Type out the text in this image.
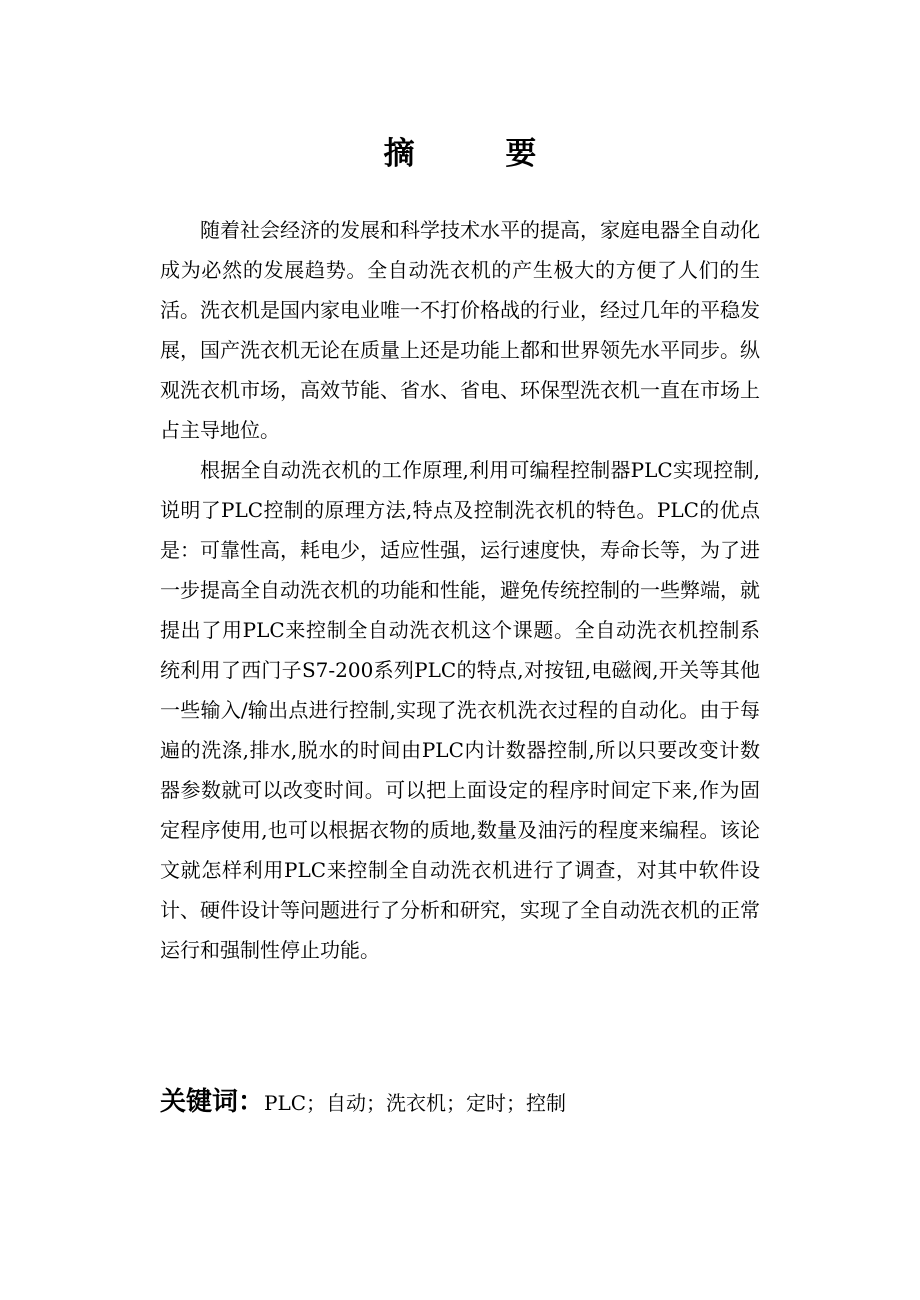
摘 要

随着社会经济的发展和科学技术水平的提高，家庭电器全自动化成为必然的发展趋势。全自动洗衣机的产生极大的方便了人们的生活。洗衣机是国内家电业唯一不打价格战的行业，经过几年的平稳发展，国产洗衣机无论在质量上还是功能上都和世界领先水平同步。纵观洗衣机市场，高效节能、省水、省电、环保型洗衣机一直在市场上占主导地位。

根据全自动洗衣机的工作原理,利用可编程控制器PLC实现控制,说明了PLC控制的原理方法,特点及控制洗衣机的特色。PLC的优点是：可靠性高，耗电少，适应性强，运行速度快，寿命长等，为了进一步提高全自动洗衣机的功能和性能，避免传统控制的一些弊端，就提出了用PLC来控制全自动洗衣机这个课题。全自动洗衣机控制系统利用了西门子S7-200系列PLC的特点,对按钮,电磁阀,开关等其他一些输入/输出点进行控制,实现了洗衣机洗衣过程的自动化。由于每遍的洗涤,排水,脱水的时间由PLC内计数器控制,所以只要改变计数器参数就可以改变时间。可以把上面设定的程序时间定下来,作为固定程序使用,也可以根据衣物的质地,数量及油污的程度来编程。该论文就怎样利用PLC来控制全自动洗衣机进行了调查，对其中软件设计、硬件设计等问题进行了分析和研究，实现了全自动洗衣机的正常运行和强制性停止功能。

关键词：PLC；自动；洗衣机；定时；控制
